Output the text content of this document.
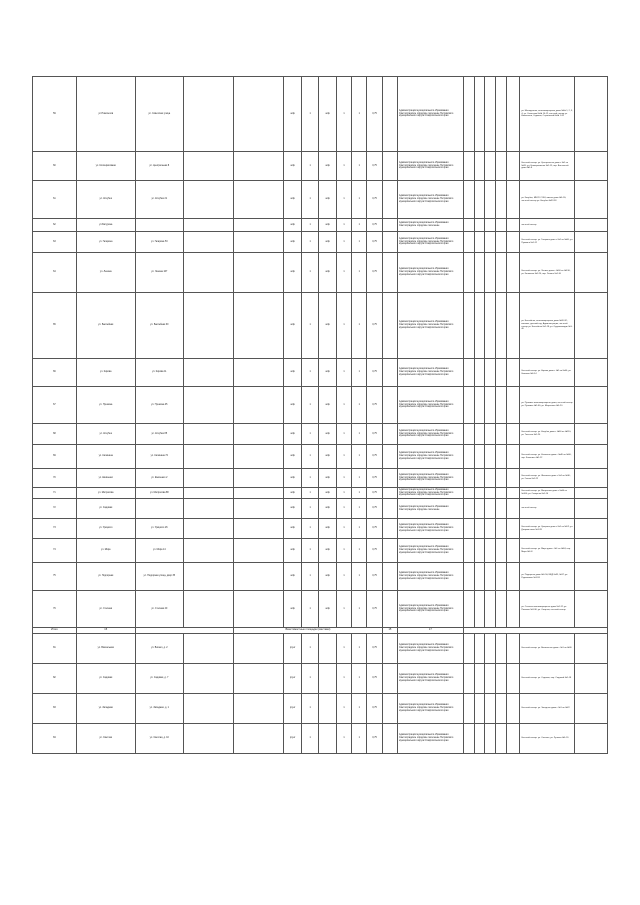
59	ул.Новоселов	ул. Советская улица			асф	1	асф	1	1	0,75		Администрация муниципального образования Светлоградское городское поселение Петровского муниципального округа Ставропольского края						ул. Молодежная, многоквартирные дома №№ 1, 2, 3, 4; ул. Советская №№ 10-12; частный сектор ул. Новоселов, Садовая, Строителей №№ 1-20	
60	ул. Кооперативная	ул. Центральная 8			асф	1	асф	1	1	0,75		Администрация муниципального образования Светлоградское городское поселение Петровского муниципального округа Ставропольского края						Частный сектор: ул. Центральная дома с №1 по №20; ул. Кооперативная №1-15; пер. Восточный дома №1-8	
61	ул. Кочубея	ул. Кочубея 21			асф	1	асф	1	1	0,75		Администрация муниципального образования Светлоградское городское поселение Петровского муниципального округа Ставропольского края						ул. Кочубея, МБОУ СОШ, жилые дома №1-30; частный сектор ул. Кочубея №32-58	
62	ул.Батурина				асф	1	асф	1	1	0,75		Администрация муниципального образования Светлоградское городское поселение						частный сектор	
63	ул. Гагарина	ул. Гагарина 53			асф	1	асф	1	1	0,75		Администрация муниципального образования Светлоградское городское поселение Петровского муниципального округа Ставропольского края						Частный сектор: ул. Гагарина дома с №1 по №60; ул. Пушкина №1-12	
64	ул. Ленина	ул. Ленина 107			асф	1	асф	1	1	0,75		Администрация муниципального образования Светлоградское городское поселение Петровского муниципального округа Ставропольского края						Частный сектор: ул. Ленина дома с №90 по №130; ул. Калинина №1-24; пер. Ленина №1-10	
65	ул. Бассейная	ул. Бассейная 30			асф	1	асф	1	1	0,75		Администрация муниципального образования Светлоградское городское поселение Петровского муниципального округа Ставропольского края						ул. Бассейная, многоквартирные дома №20-32; магазин, детский сад, Администрация; частный сектор ул. Бассейная №1-18; ул. Орджоникидзе №1-40	
66	ул. Кирова	ул. Кирова 11			асф	1	асф	1	1	0,75		Администрация муниципального образования Светлоградское городское поселение Петровского муниципального округа Ставропольского края						Частный сектор: ул. Кирова дома с №1 по №40; ул. Чапаева №1-14	
67	ул. Пушкина	ул. Пушкина 45			асф	1	асф	1	1	0,75		Администрация муниципального образования Светлоградское городское поселение Петровского муниципального округа Ставропольского края						ул. Пушкина многоквартирные дома; частный сектор ул. Пушкина №1-60; ул. Матросова №1-20	
68	ул. Кочубея	ул. Кочубея 85			асф	1	асф	1	1	0,75		Администрация муниципального образования Светлоградское городское поселение Петровского муниципального округа Ставропольского края						Частный сектор: ул. Кочубея дома с №60 по №110; ул. Толстого №1-20	
69	ул. Калинина	ул. Калинина 72			асф	1	асф	1	1	0,75		Администрация муниципального образования Светлоградское городское поселение Петровского муниципального округа Ставропольского края						Частный сектор: ул. Калинина дома с №40 по №90; пер. Калинина №1-12	
70	ул. Шевченко	ул. Шевченко 2			асф	1	асф	1	1	0,75		Администрация муниципального образования Светлоградское городское поселение Петровского муниципального округа Ставропольского края						Частный сектор: ул. Шевченко дома с №1 по №30; ул. Гоголя №1-22	
71	ул. Матросова	ул. Матросова 88			асф	1	асф	1	1	0,75		Администрация муниципального образования Светлоградское городское поселение Петровского муниципального округа Ставропольского края						Частный сектор: ул. Матросова дома с №60 по №100; ул. Северная №1-16	
72	ул. Садовая				асф	1	асф	1	1	0,75		Администрация муниципального образования Светлоградское городское поселение						частный сектор	
73	ул. Урицкого	ул. Урицкого 26			асф	1	асф	1	1	0,75		Администрация муниципального образования Светлоградское городское поселение Петровского муниципального округа Ставропольского края						Частный сектор: ул. Урицкого дома с №1 по №52; ул. Дзержинского №1-28	
74	ул. Мира	ул. Мира 14			асф	1	асф	1	1	0,75		Администрация муниципального образования Светлоградское городское поселение Петровского муниципального округа Ставропольского края						Частный сектор: ул. Мира дома с №1 по №34; пер. Мира №1-8	
75	ул. Подгорная	ул. Подгорная улица, двор 35			асф	1	асф	1	1	0,75		Администрация муниципального образования Светлоградское городское поселение Петровского муниципального округа Ставропольского края						ул. Подгорная дома №1-50; МКД №35, №37; ул. Родниковая №1-18	
76	ул. Степная	ул. Степная 40			асф	1	асф	1	1	0,75		Администрация муниципального образования Светлоградское городское поселение Петровского муниципального округа Ставропольского края						ул. Степная многоквартирные дома №1-12; ул. Полевая №1-30; ул. Озерная; частный сектор	
Итого	15			Вместимостные площадки (местами)							15	17							
81	ул. Вокзальная	ул. Вокзал, д. 2			грунт	1		1	1	0,75		Администрация муниципального образования Светлоградское городское поселение Петровского муниципального округа Ставропольского края						Частный сектор: ул. Вокзальная дома с №1 по №30	
82	ул. Садовая	ул. Садовая, д. 7			грунт	1		1	1	0,75		Администрация муниципального образования Светлоградское городское поселение Петровского муниципального округа Ставропольского края						Частный сектор: ул. Садовая, пер. Садовый №1-18	
83	ул. Западная	ул. Западная, д. 1			грунт	1		1	1	0,75		Администрация муниципального образования Светлоградское городское поселение Петровского муниципального округа Ставропольского края						Частный сектор: ул. Западная дома с №1 по №22	
84	ул. Светлая	ул. Светлая, д. 10			грунт	1		1	1	0,75		Администрация муниципального образования Светлоградское городское поселение Петровского муниципального округа Ставропольского края						Частный сектор: ул. Светлая, ул. Луговая №1-20	
